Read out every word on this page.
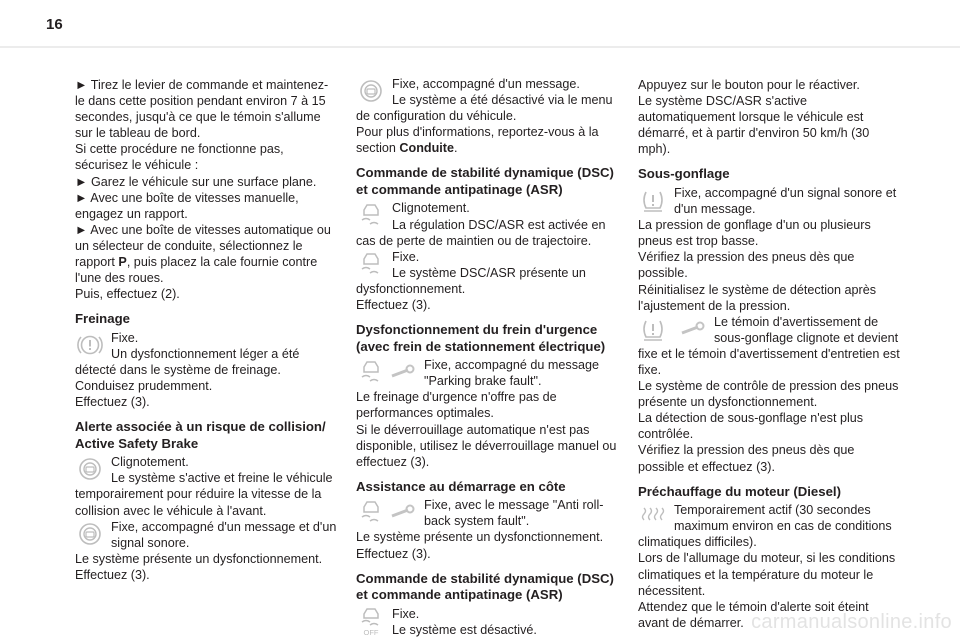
16

► Tirez le levier de commande et maintenez-le dans cette position pendant environ 7 à 15 secondes, jusqu'à ce que le témoin s'allume sur le tableau de bord.

Si cette procédure ne fonctionne pas, sécurisez le véhicule :

► Garez le véhicule sur une surface plane.

► Avec une boîte de vitesses manuelle, engagez un rapport.

► Avec une boîte de vitesses automatique ou un sélecteur de conduite, sélectionnez le rapport P, puis placez la cale fournie contre l'une des roues.

Puis, effectuez (2).

Freinage

Fixe.

Un dysfonctionnement léger a été détecté dans le système de freinage.

Conduisez prudemment.

Effectuez (3).

Alerte associée à un risque de collision/ Active Safety Brake

Clignotement.

Le système s'active et freine le véhicule temporairement pour réduire la vitesse de la collision avec le véhicule à l'avant.

Fixe, accompagné d'un message et d'un signal sonore.

Le système présente un dysfonctionnement.

Effectuez (3).

Fixe, accompagné d'un message.

Le système a été désactivé via le menu de configuration du véhicule.

Pour plus d'informations, reportez-vous à la section Conduite.

Commande de stabilité dynamique (DSC) et commande antipatinage (ASR)

Clignotement.

La régulation DSC/ASR est activée en cas de perte de maintien ou de trajectoire.

Fixe.

Le système DSC/ASR présente un dysfonctionnement.

Effectuez (3).

Dysfonctionnement du frein d'urgence (avec frein de stationnement électrique)

Fixe, accompagné du message "Parking brake fault".

Le freinage d'urgence n'offre pas de performances optimales.

Si le déverrouillage automatique n'est pas disponible, utilisez le déverrouillage manuel ou effectuez (3).

Assistance au démarrage en côte

Fixe, avec le message "Anti roll-back system fault".

Le système présente un dysfonctionnement.

Effectuez (3).

Commande de stabilité dynamique (DSC) et commande antipatinage (ASR)
OFF

Fixe.

Le système est désactivé.

Appuyez sur le bouton pour le réactiver.

Le système DSC/ASR s'active automatiquement lorsque le véhicule est démarré, et à partir d'environ 50 km/h (30 mph).

Sous-gonflage

Fixe, accompagné d'un signal sonore et d'un message.

La pression de gonflage d'un ou plusieurs pneus est trop basse.

Vérifiez la pression des pneus dès que possible.

Réinitialisez le système de détection après l'ajustement de la pression.

Le témoin d'avertissement de sous-gonflage clignote et devient fixe et le témoin d'avertissement d'entretien est fixe.

Le système de contrôle de pression des pneus présente un dysfonctionnement.

La détection de sous-gonflage n'est plus contrôlée.

Vérifiez la pression des pneus dès que possible et effectuez (3).

Préchauffage du moteur (Diesel)

Temporairement actif (30 secondes maximum environ en cas de conditions climatiques difficiles).

Lors de l'allumage du moteur, si les conditions climatiques et la température du moteur le nécessitent.

Attendez que le témoin d'alerte soit éteint avant de démarrer. carmanualsonline.info
